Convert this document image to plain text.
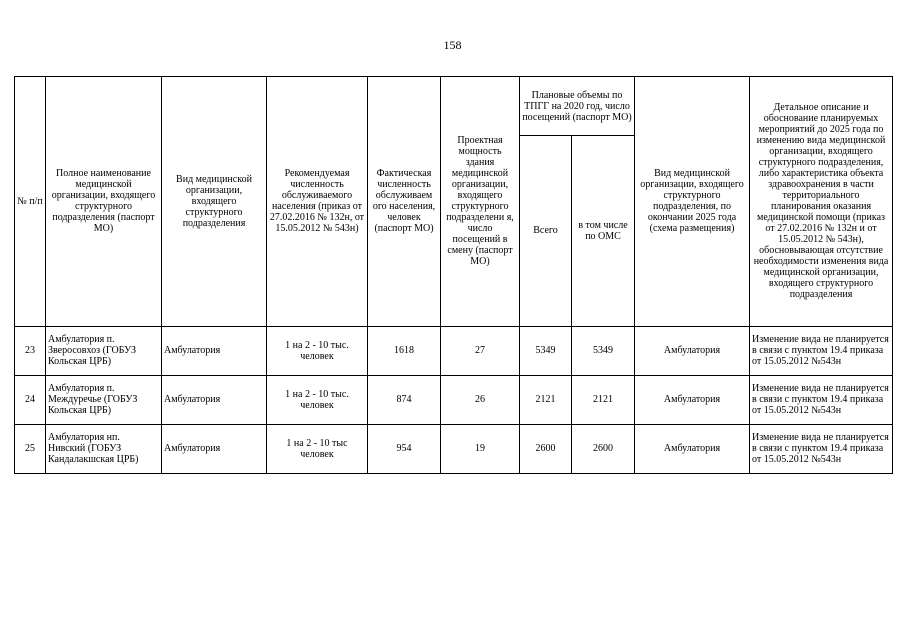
158
№ п/п	Полное наименование медицинской организации, входящего структурного подразделения (паспорт МО)	Вид медицинской организации, входящего структурного подразделения	Рекомендуемая численность обслуживаемого населения (приказ от 27.02.2016 № 132н, от 15.05.2012 № 543н)	Фактическая численность обслуживаем ого населения, человек (паспорт МО)	Проектная мощность здания медицинской организации, входящего структурного подразделени я, число посещений в смену (паспорт МО)	Плановые объемы по ТПГГ на 2020 год, число посещений (паспорт МО)		Вид медицинской организации, входящего структурного подразделения, по окончании 2025 года (схема размещения)	Детальное описание и обоснование планируемых мероприятий до 2025 года по изменению вида медицинской организации, входящего структурного подразделения, либо характеристика объекта здравоохранения в части территориального планирования оказания медицинской помощи (приказ от 27.02.2016 № 132н и от 15.05.2012 № 543н), обосновывающая отсутствие необходимости изменения вида медицинской организации, входящего структурного подразделения
						Всего	в том числе по ОМС		
23	Амбулатория п. Зверосовхоз (ГОБУЗ Кольская ЦРБ)	Амбулатория	1 на 2 - 10 тыс. человек	1618	27	5349	5349	Амбулатория	Изменение вида не планируется в связи с пунктом 19.4 приказа от 15.05.2012 №543н
24	Амбулатория п. Междуречье (ГОБУЗ Кольская ЦРБ)	Амбулатория	1 на 2 - 10 тыс. человек	874	26	2121	2121	Амбулатория	Изменение вида не планируется в связи с пунктом 19.4 приказа от 15.05.2012 №543н
25	Амбулатория нп. Нивский (ГОБУЗ Кандалакшская ЦРБ)	Амбулатория	1 на 2 - 10 тыс человек	954	19	2600	2600	Амбулатория	Изменение вида не планируется в связи с пунктом 19.4 приказа от 15.05.2012 №543н
